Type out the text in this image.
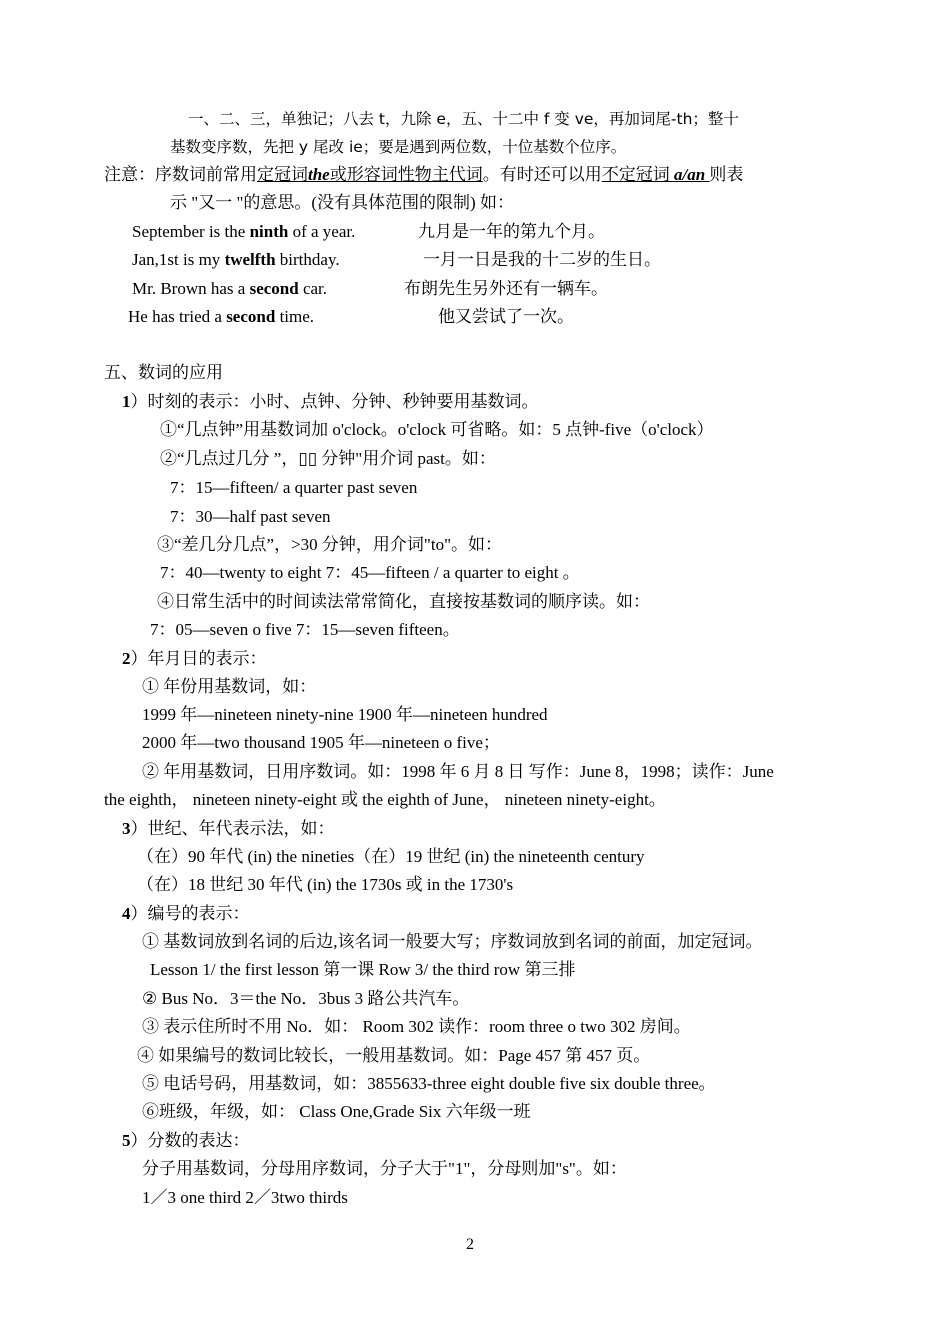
一、二、三，单独记；八去 t，九除 e，五、十二中 f 变 ve，再加词尾-th；整十
基数变序数，先把 y 尾改 ie；要是遇到两位数，十位基数个位序。
注意：序数词前常用定冠词the或形容词性物主代词。有时还可以用不定冠词 a/an 则表
示 "又一 "的意思。(没有具体范围的限制) 如：
September is the ninth of a year.	九月是一年的第九个月。
Jan,1st is my twelfth birthday.	一月一日是我的十二岁的生日。
Mr. Brown has a second car.	布朗先生另外还有一辆车。
He has tried a second time.	他又尝试了一次。
五、数词的应用
1）时刻的表示：小时、点钟、分钟、秒钟要用基数词。
①“几点钟”用基数词加 o'clock。o'clock 可省略。如：5 点钟-five（o'clock）
②“几点过几分 ”，▯▯ 分钟"用介词 past。如：
7：15—fifteen/ a quarter past seven
7：30—half past seven
③“差几分几点”，>30 分钟，用介词"to"。如：
7：40—twenty to eight 7：45—fifteen / a quarter to eight 。
④日常生活中的时间读法常常简化，直接按基数词的顺序读。如：
7：05—seven o five 7：15—seven fifteen。
2）年月日的表示：
① 年份用基数词，如：
1999 年—nineteen ninety-nine 1900 年—nineteen hundred
2000 年—two thousand 1905 年—nineteen o five；
② 年用基数词，日用序数词。如：1998 年 6 月 8 日 写作：June 8，1998；读作：June
the eighth， nineteen ninety-eight 或 the eighth of June， nineteen ninety-eight。
3）世纪、年代表示法，如：
（在）90 年代 (in) the nineties（在）19 世纪 (in) the nineteenth century
（在）18 世纪 30 年代 (in) the 1730s 或 in the 1730's
4）编号的表示：
① 基数词放到名词的后边,该名词一般要大写；序数词放到名词的前面，加定冠词。
Lesson 1/ the first lesson 第一课 Row 3/ the third row 第三排
② Bus No．3＝the No．3bus 3 路公共汽车。
③ 表示住所时不用 No．如： Room 302 读作：room three o two 302 房间。
④ 如果编号的数词比较长，一般用基数词。如：Page 457 第 457 页。
⑤ 电话号码，用基数词，如：3855633-three eight double five six double three。
⑥班级，年级，如： Class One,Grade Six 六年级一班
5）分数的表达：
分子用基数词，分母用序数词，分子大于"1"，分母则加"s"。如：
1／3 one third 2／3two thirds
2
